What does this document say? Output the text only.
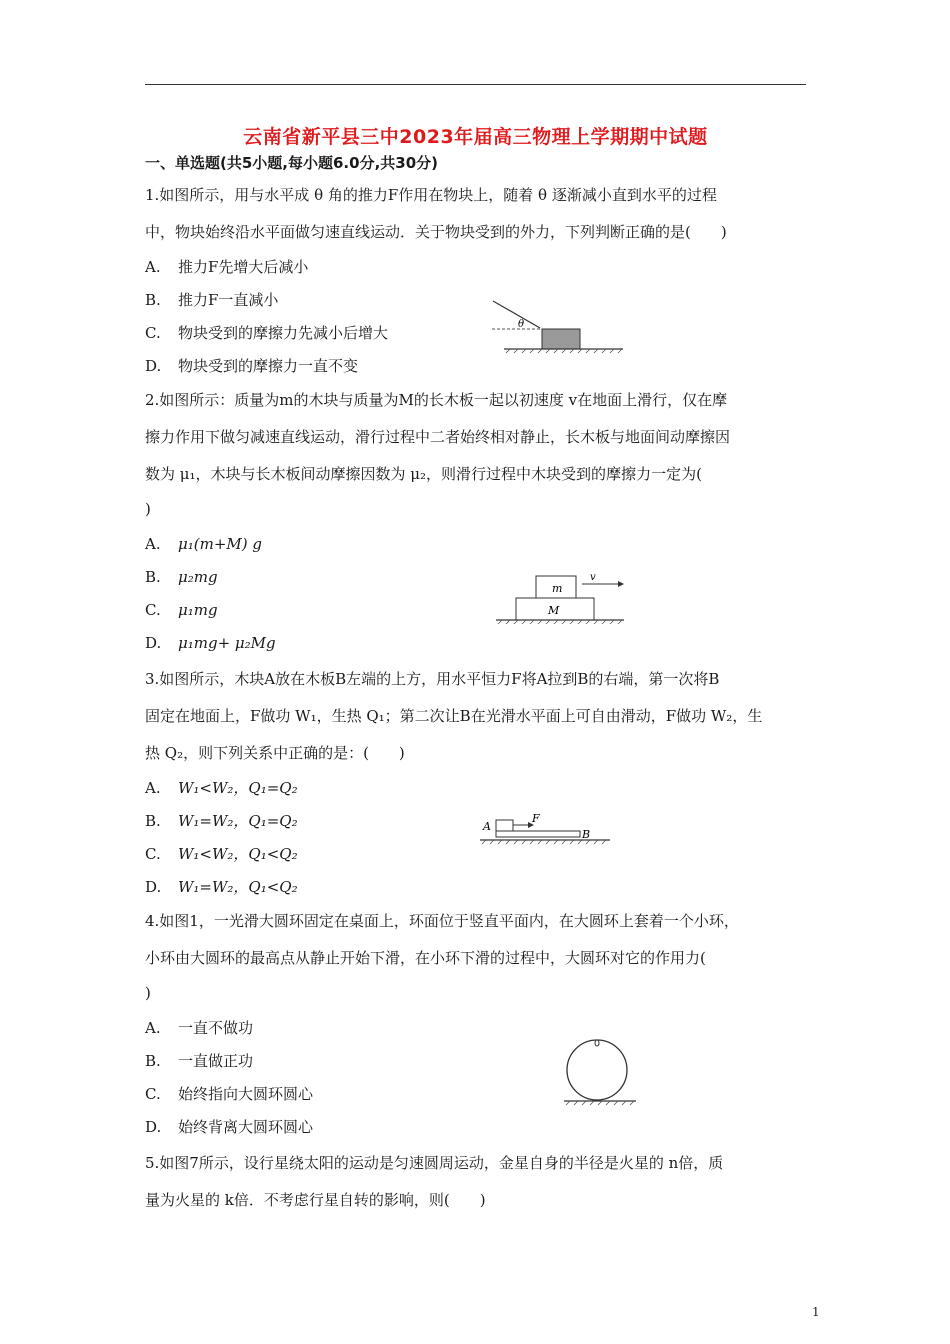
云南省新平县三中2023年届高三物理上学期期中试题
一、单选题(共5小题,每小题6.0分,共30分)
1.如图所示，用与水平成 θ 角的推力F作用在物块上，随着 θ 逐渐减小直到水平的过程
中，物块始终沿水平面做匀速直线运动．关于物块受到的外力，下列判断正确的是(　　)
A. 推力F先增大后减小
B. 推力F一直减小
C. 物块受到的摩擦力先减小后增大
D. 物块受到的摩擦力一直不变
θ
2.如图所示：质量为m的木块与质量为M的长木板一起以初速度 v在地面上滑行，仅在摩
擦力作用下做匀减速直线运动，滑行过程中二者始终相对静止，长木板与地面间动摩擦因
数为 μ₁，木块与长木板间动摩擦因数为 μ₂，则滑行过程中木块受到的摩擦力一定为(
)
A. μ₁(m+M) g
B. μ₂mg
C. μ₁mg
D. μ₁mg+ μ₂Mg
m
v
M
3.如图所示，木块A放在木板B左端的上方，用水平恒力F将A拉到B的右端，第一次将B
固定在地面上，F做功 W₁，生热 Q₁；第二次让B在光滑水平面上可自由滑动，F做功 W₂，生
热 Q₂，则下列关系中正确的是：(　　)
A. W₁<W₂，Q₁=Q₂
B. W₁=W₂，Q₁=Q₂
C. W₁<W₂，Q₁<Q₂
D. W₁=W₂，Q₁<Q₂
A
F
B
4.如图1，一光滑大圆环固定在桌面上，环面位于竖直平面内，在大圆环上套着一个小环，
小环由大圆环的最高点从静止开始下滑，在小环下滑的过程中，大圆环对它的作用力(
)
A. 一直不做功
B. 一直做正功
C. 始终指向大圆环圆心
D. 始终背离大圆环圆心
5.如图7所示，设行星绕太阳的运动是匀速圆周运动，金星自身的半径是火星的 n倍，质
量为火星的 k倍．不考虑行星自转的影响，则(　　)
1
